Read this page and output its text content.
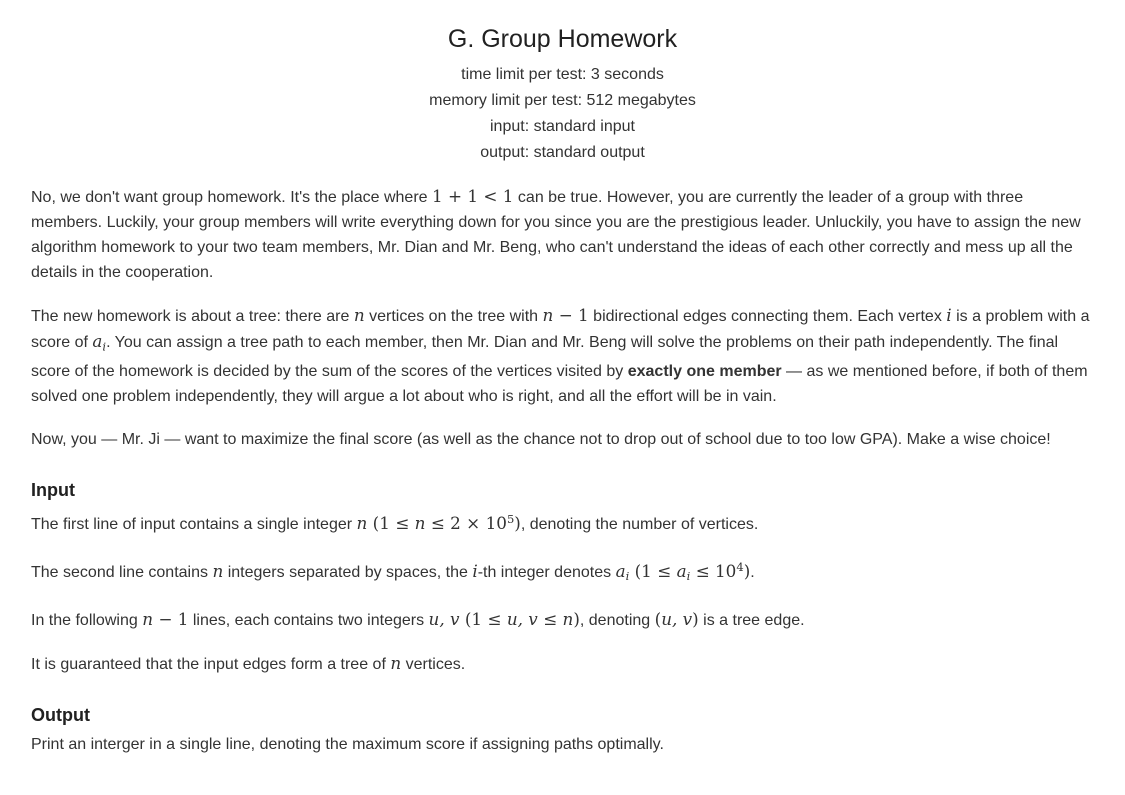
G. Group Homework
time limit per test: 3 seconds
memory limit per test: 512 megabytes
input: standard input
output: standard output

No, we don't want group homework. It's the place where 1 + 1 < 1 can be true. However, you are currently the leader of a group with three members. Luckily, your group members will write everything down for you since you are the prestigious leader. Unluckily, you have to assign the new algorithm homework to your two team members, Mr. Dian and Mr. Beng, who can't understand the ideas of each other correctly and mess up all the details in the cooperation.

The new homework is about a tree: there are n vertices on the tree with n − 1 bidirectional edges connecting them. Each vertex i is a problem with a score of $a_i$. You can assign a tree path to each member, then Mr. Dian and Mr. Beng will solve the problems on their path independently. The final score of the homework is decided by the sum of the scores of the vertices visited by exactly one member — as we mentioned before, if both of them solved one problem independently, they will argue a lot about who is right, and all the effort will be in vain.

Now, you — Mr. Ji — want to maximize the final score (as well as the chance not to drop out of school due to too low GPA). Make a wise choice!

Input

The first line of input contains a single integer n $(1 \le n \le 2 \times 10^5)$, denoting the number of vertices.

The second line contains n integers separated by spaces, the i-th integer denotes $a_i$ $(1 \le a_i \le 10^4)$.

In the following n − 1 lines, each contains two integers u, v (1 ≤ u, v ≤ n), denoting (u, v) is a tree edge.

It is guaranteed that the input edges form a tree of n vertices.

Output

Print an interger in a single line, denoting the maximum score if assigning paths optimally.
